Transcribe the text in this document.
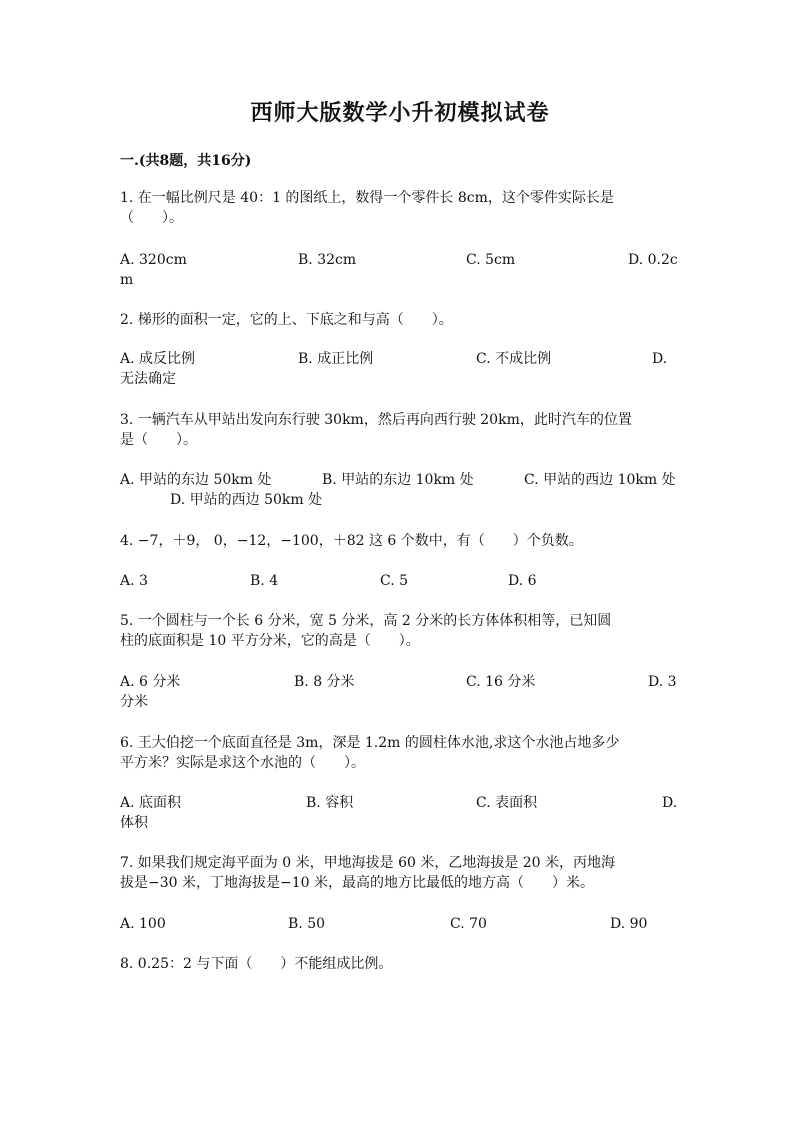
西师大版数学小升初模拟试卷
一.(共8题，共16分)
1. 在一幅比例尺是 40：1 的图纸上，数得一个零件长 8cm，这个零件实际长是
（　　）。
A. 320cm	B. 32cm	C. 5cm	D. 0.2c
m
2. 梯形的面积一定，它的上、下底之和与高（　　）。
A. 成反比例	B. 成正比例	C. 不成比例	D.
无法确定
3. 一辆汽车从甲站出发向东行驶 30km，然后再向西行驶 20km，此时汽车的位置
是（　　）。
A. 甲站的东边 50km 处	B. 甲站的东边 10km 处	C. 甲站的西边 10km 处
D. 甲站的西边 50km 处
4. −7，＋9， 0，−12，−100，＋82 这 6 个数中，有（　　）个负数。
A. 3	B. 4	C. 5	D. 6
5. 一个圆柱与一个长 6 分米，宽 5 分米，高 2 分米的长方体体积相等，已知圆
柱的底面积是 10 平方分米，它的高是（　　）。
A. 6 分米	B. 8 分米	C. 16 分米	D. 3
分米
6. 王大伯挖一个底面直径是 3m，深是 1.2m 的圆柱体水池,求这个水池占地多少
平方米？实际是求这个水池的（　　）。
A. 底面积	B. 容积	C. 表面积	D.
体积
7. 如果我们规定海平面为 0 米，甲地海拔是 60 米，乙地海拔是 20 米，丙地海
拔是−30 米，丁地海拔是−10 米，最高的地方比最低的地方高（　　）米。
A. 100	B. 50	C. 70	D. 90
8. 0.25：2 与下面（　　）不能组成比例。
